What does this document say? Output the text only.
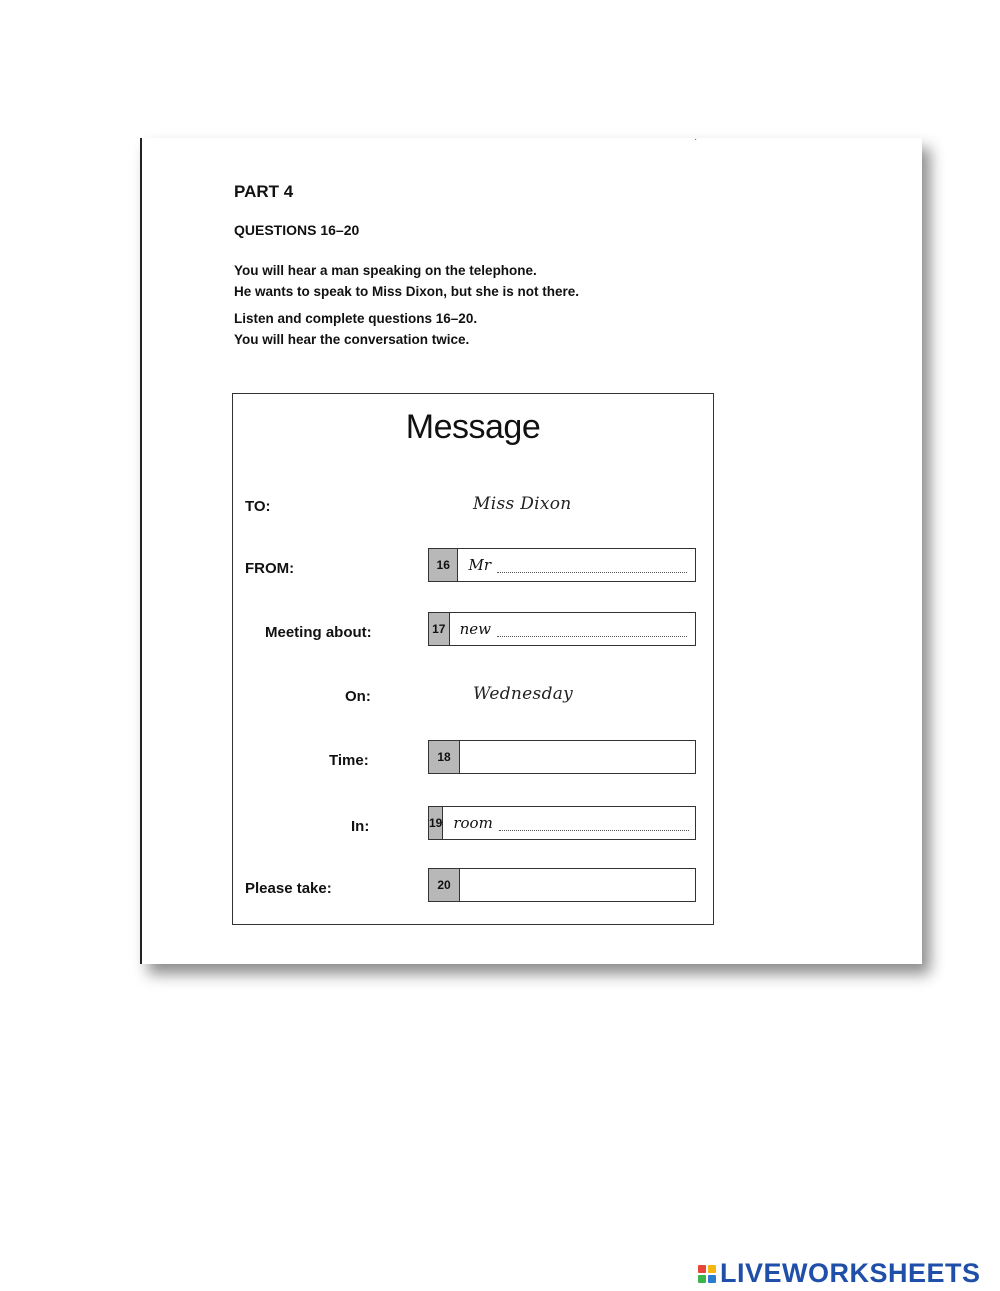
·
PART 4
QUESTIONS 16–20
You will hear a man speaking on the telephone.
He wants to speak to Miss Dixon, but she is not there.
Listen and complete questions 16–20.
You will hear the conversation twice.
Message
TO:	Miss Dixon
FROM:	16	Mr
Meeting about:	17 new
On:	Wednesday
Time:	18
In:	19 room
Please take:	20
LIVEWORKSHEETS
